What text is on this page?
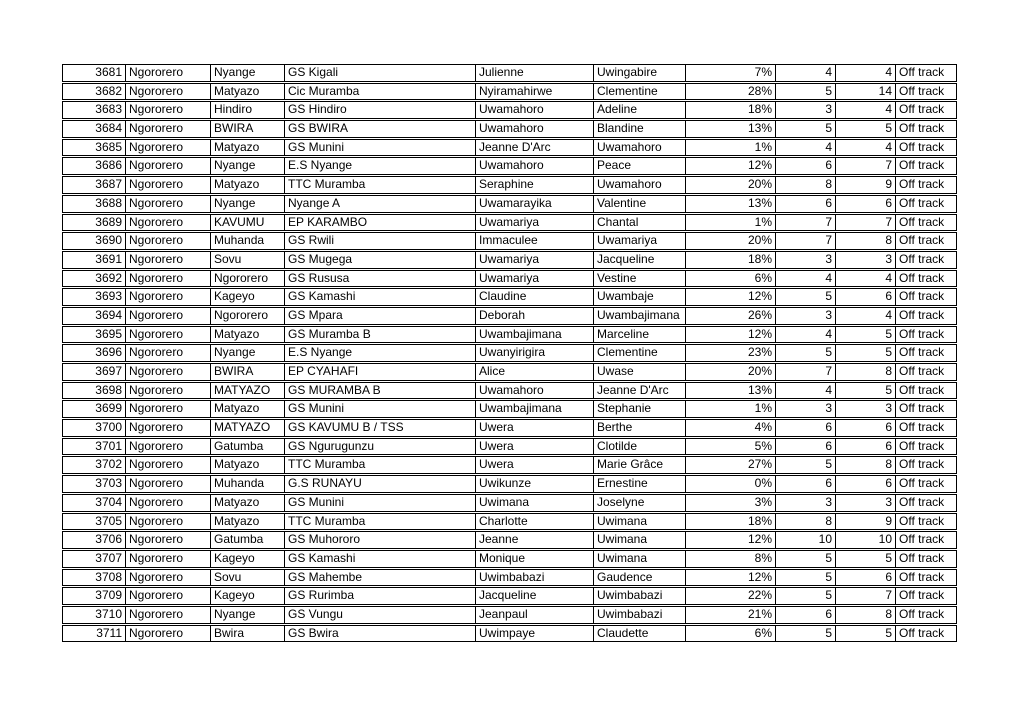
3681 Ngororero	Nyange	GS Kigali	Julienne	Uwingabire	7%	4	4 Off track
3682 Ngororero	Matyazo	Cic Muramba	Nyiramahirwe	Clementine	28%	5	14 Off track
3683 Ngororero	Hindiro	GS Hindiro	Uwamahoro	Adeline	18%	3	4 Off track
3684 Ngororero	BWIRA	GS BWIRA	Uwamahoro	Blandine	13%	5	5 Off track
3685 Ngororero	Matyazo	GS Munini	Jeanne D'Arc	Uwamahoro	1%	4	4 Off track
3686 Ngororero	Nyange	E.S Nyange	Uwamahoro	Peace	12%	6	7 Off track
3687 Ngororero	Matyazo	TTC Muramba	Seraphine	Uwamahoro	20%	8	9 Off track
3688 Ngororero	Nyange	Nyange A	Uwamarayika	Valentine	13%	6	6 Off track
3689 Ngororero	KAVUMU	EP KARAMBO	Uwamariya	Chantal	1%	7	7 Off track
3690 Ngororero	Muhanda	GS Rwili	Immaculee	Uwamariya	20%	7	8 Off track
3691 Ngororero	Sovu	GS Mugega	Uwamariya	Jacqueline	18%	3	3 Off track
3692 Ngororero	Ngororero	GS Rususa	Uwamariya	Vestine	6%	4	4 Off track
3693 Ngororero	Kageyo	GS Kamashi	Claudine	Uwambaje	12%	5	6 Off track
3694 Ngororero	Ngororero	GS Mpara	Deborah	Uwambajimana	26%	3	4 Off track
3695 Ngororero	Matyazo	GS Muramba B	Uwambajimana	Marceline	12%	4	5 Off track
3696 Ngororero	Nyange	E.S Nyange	Uwanyirigira	Clementine	23%	5	5 Off track
3697 Ngororero	BWIRA	EP CYAHAFI	Alice	Uwase	20%	7	8 Off track
3698 Ngororero	MATYAZO	GS MURAMBA B	Uwamahoro	Jeanne D'Arc	13%	4	5 Off track
3699 Ngororero	Matyazo	GS Munini	Uwambajimana	Stephanie	1%	3	3 Off track
3700 Ngororero	MATYAZO	GS KAVUMU B / TSS	Uwera	Berthe	4%	6	6 Off track
3701 Ngororero	Gatumba	GS Ngurugunzu	Uwera	Clotilde	5%	6	6 Off track
3702 Ngororero	Matyazo	TTC Muramba	Uwera	Marie Grâce	27%	5	8 Off track
3703 Ngororero	Muhanda	G.S RUNAYU	Uwikunze	Ernestine	0%	6	6 Off track
3704 Ngororero	Matyazo	GS Munini	Uwimana	Joselyne	3%	3	3 Off track
3705 Ngororero	Matyazo	TTC Muramba	Charlotte	Uwimana	18%	8	9 Off track
3706 Ngororero	Gatumba	GS Muhororo	Jeanne	Uwimana	12%	10	10 Off track
3707 Ngororero	Kageyo	GS Kamashi	Monique	Uwimana	8%	5	5 Off track
3708 Ngororero	Sovu	GS Mahembe	Uwimbabazi	Gaudence	12%	5	6 Off track
3709 Ngororero	Kageyo	GS Rurimba	Jacqueline	Uwimbabazi	22%	5	7 Off track
3710 Ngororero	Nyange	GS Vungu	Jeanpaul	Uwimbabazi	21%	6	8 Off track
3711 Ngororero	Bwira	GS Bwira	Uwimpaye	Claudette	6%	5	5 Off track
